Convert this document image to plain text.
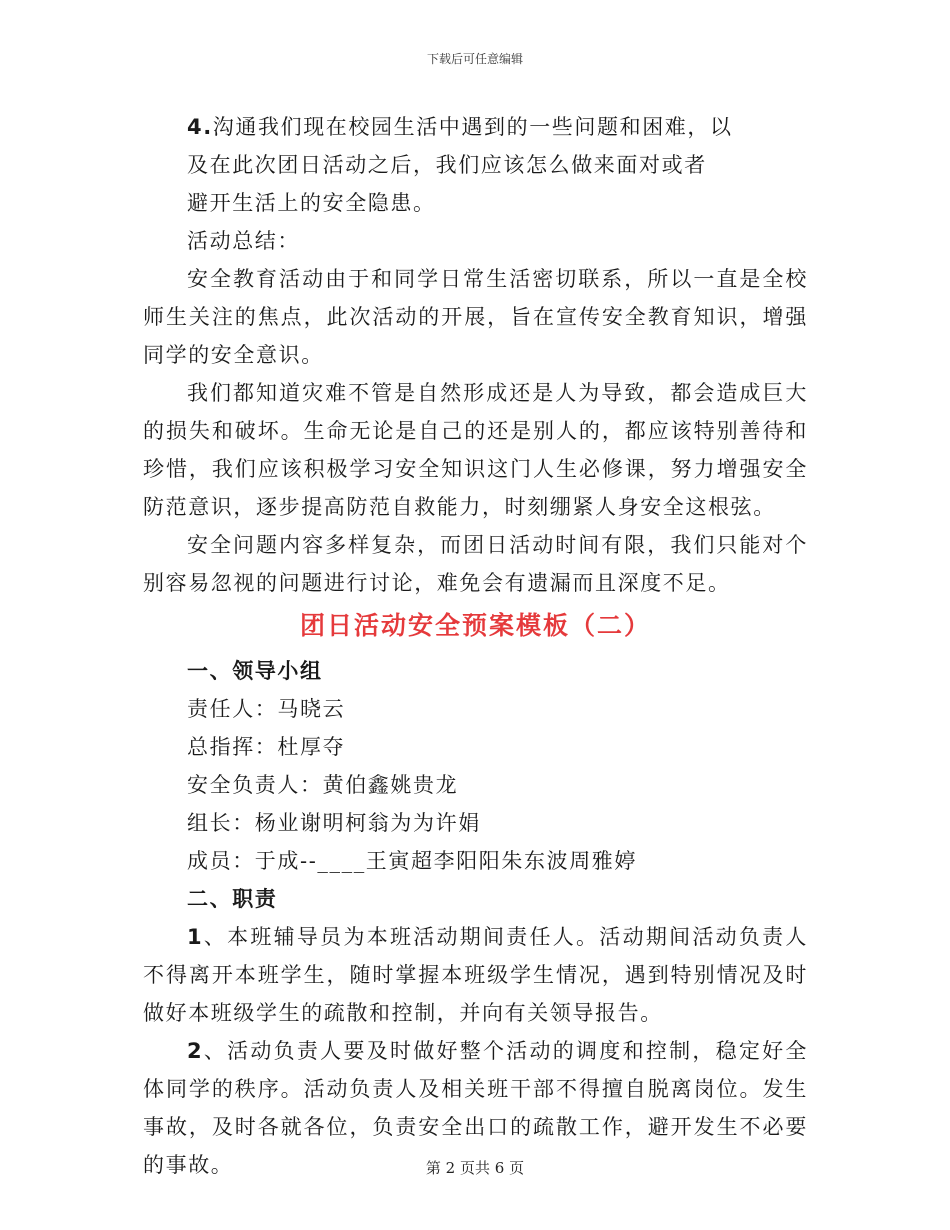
下载后可任意编辑

4.沟通我们现在校园生活中遇到的一些问题和困难，以

及在此次团日活动之后，我们应该怎么做来面对或者

避开生活上的安全隐患。

活动总结：

安全教育活动由于和同学日常生活密切联系，所以一直是全校师生关注的焦点，此次活动的开展，旨在宣传安全教育知识，增强同学的安全意识。

我们都知道灾难不管是自然形成还是人为导致，都会造成巨大的损失和破坏。生命无论是自己的还是别人的，都应该特别善待和珍惜，我们应该积极学习安全知识这门人生必修课，努力增强安全防范意识，逐步提高防范自救能力，时刻绷紧人身安全这根弦。

安全问题内容多样复杂，而团日活动时间有限，我们只能对个别容易忽视的问题进行讨论，难免会有遗漏而且深度不足。

团日活动安全预案模板（二）

一、领导小组

责任人：马晓云

总指挥：杜厚夺

安全负责人：黄伯鑫姚贵龙

组长：杨业谢明柯翁为为许娟

成员：于成--____王寅超李阳阳朱东波周雅婷

二、职责

1、本班辅导员为本班活动期间责任人。活动期间活动负责人不得离开本班学生，随时掌握本班级学生情况，遇到特别情况及时做好本班级学生的疏散和控制，并向有关领导报告。

2、活动负责人要及时做好整个活动的调度和控制，稳定好全体同学的秩序。活动负责人及相关班干部不得擅自脱离岗位。发生事故，及时各就各位，负责安全出口的疏散工作，避开发生不必要的事故。	第 2 页共 6 页
